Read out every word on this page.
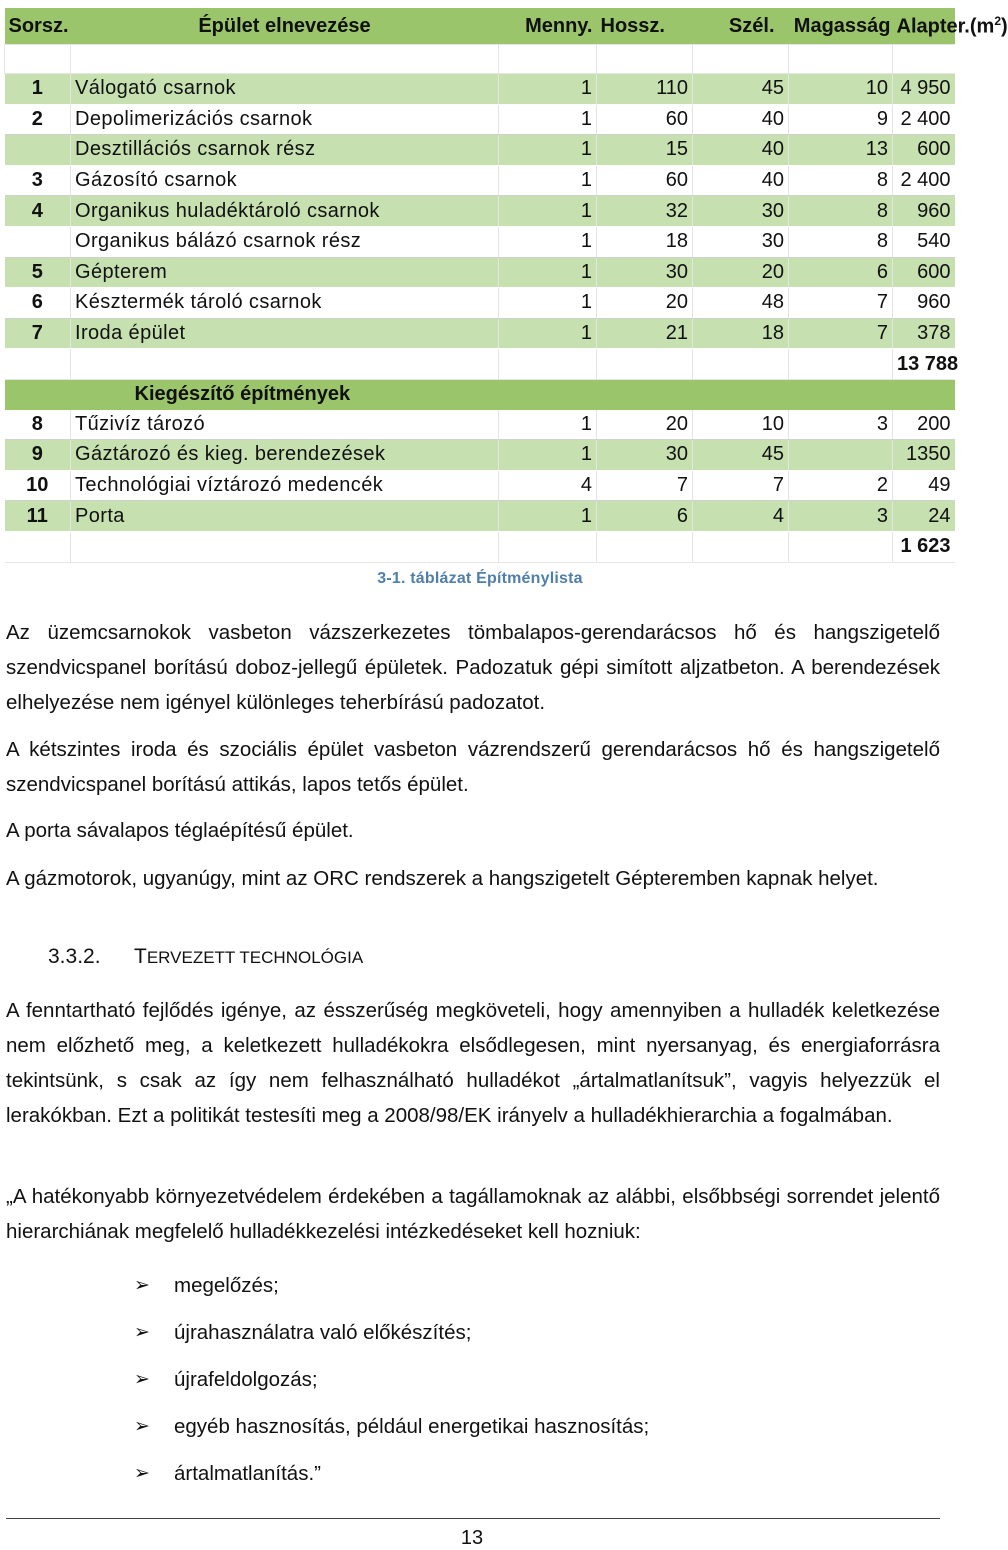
Sorsz.	Épület elnevezése	Menny.	Hossz.	Szél.	Magasság	$Alapter.(m^2)$

1	Válogató csarnok	1	110	45	10	4 950
2	Depolimerizációs csarnok	1	60	40	9	2 400
	Desztillációs csarnok rész	1	15	40	13	600
3	Gázosító csarnok	1	60	40	8	2 400
4	Organikus huladéktároló csarnok	1	32	30	8	960
	Organikus bálázó csarnok rész	1	18	30	8	540
5	Gépterem	1	30	20	6	600
6	Késztermék tároló csarnok	1	20	48	7	960
7	Iroda épület	1	21	18	7	378
						13 788
Kiegészítő építmények						
8	Tűzivíz tározó	1	20	10	3	200
9	Gáztározó és kieg. berendezések	1	30	45		1350
10	Technológiai víztározó medencék	4	7	7	2	49
11	Porta	1	6	4	3	24
						1 623
3-1. táblázat Építménylista

Az üzemcsarnokok vasbeton vázszerkezetes tömbalapos-gerendarácsos hő és hangszigetelő szendvicspanel borítású doboz-jellegű épületek. Padozatuk gépi simított aljzatbeton. A berendezések elhelyezése nem igényel különleges teherbírású padozatot.

A kétszintes iroda és szociális épület vasbeton vázrendszerű gerendarácsos hő és hangszigetelő szendvicspanel borítású attikás, lapos tetős épület.

A porta sávalapos téglaépítésű épület.

A gázmotorok, ugyanúgy, mint az ORC rendszerek a hangszigetelt Gépteremben kapnak helyet.

3.3.2. TERVEZETT TECHNOLÓGIA

A fenntartható fejlődés igénye, az ésszerűség megköveteli, hogy amennyiben a hulladék keletkezése nem előzhető meg, a keletkezett hulladékokra elsődlegesen, mint nyersanyag, és energiaforrásra tekintsünk, s csak az így nem felhasználható hulladékot „ártalmatlanítsuk”, vagyis helyezzük el lerakókban. Ezt a politikát testesíti meg a 2008/98/EK irányelv a hulladékhierarchia a fogalmában.

„A hatékonyabb környezetvédelem érdekében a tagállamoknak az alábbi, elsőbbségi sorrendet jelentő hierarchiának megfelelő hulladékkezelési intézkedéseket kell hozniuk:

➢	megelőzés;
➢	újrahasználatra való előkészítés;
➢	újrafeldolgozás;
➢	egyéb hasznosítás, például energetikai hasznosítás;
➢	ártalmatlanítás.”
13
